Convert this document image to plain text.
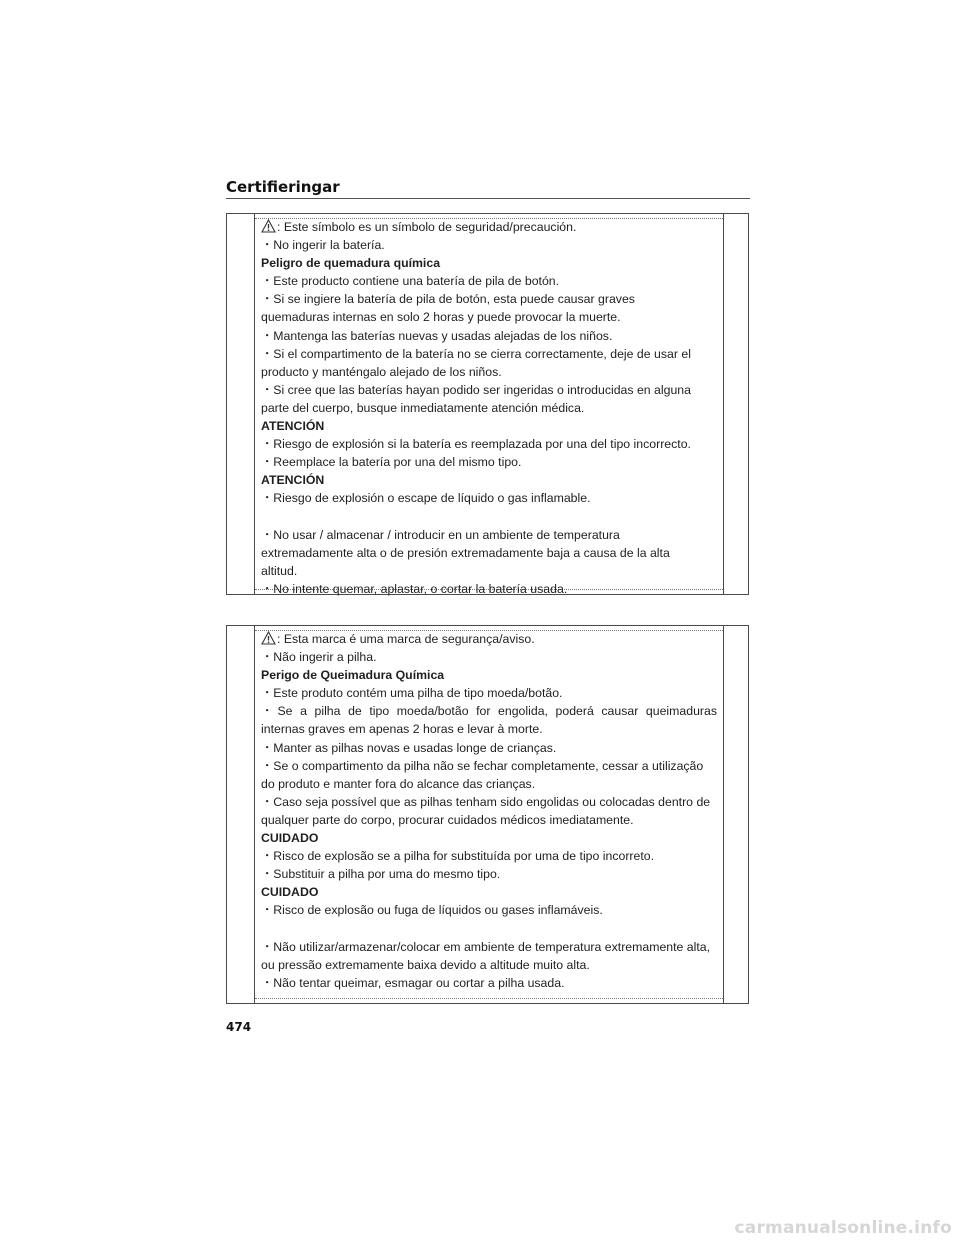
Certifieringar
: Este símbolo es un símbolo de seguridad/precaución.
・No ingerir la batería.
Peligro de quemadura química
・Este producto contiene una batería de pila de botón.
・Si se ingiere la batería de pila de botón, esta puede causar graves
quemaduras internas en solo 2 horas y puede provocar la muerte.
・Mantenga las baterías nuevas y usadas alejadas de los niños.
・Si el compartimento de la batería no se cierra correctamente, deje de usar el
producto y manténgalo alejado de los niños.
・Si cree que las baterías hayan podido ser ingeridas o introducidas en alguna
parte del cuerpo, busque inmediatamente atención médica.
ATENCIÓN
・Riesgo de explosión si la batería es reemplazada por una del tipo incorrecto.
・Reemplace la batería por una del mismo tipo.
ATENCIÓN
・Riesgo de explosión o escape de líquido o gas inflamable.
・No usar / almacenar / introducir en un ambiente de temperatura
extremadamente alta o de presión extremadamente baja a causa de la alta
altitud.
・No intente quemar, aplastar, o cortar la batería usada.
: Esta marca é uma marca de segurança/aviso.
・Não ingerir a pilha.
Perigo de Queimadura Química
・Este produto contém uma pilha de tipo moeda/botão.
・Se a pilha de tipo moeda/botão for engolida, poderá causar queimaduras
internas graves em apenas 2 horas e levar à morte.
・Manter as pilhas novas e usadas longe de crianças.
・Se o compartimento da pilha não se fechar completamente, cessar a utilização
do produto e manter fora do alcance das crianças.
・Caso seja possível que as pilhas tenham sido engolidas ou colocadas dentro de
qualquer parte do corpo, procurar cuidados médicos imediatamente.
CUIDADO
・Risco de explosão se a pilha for substituída por uma de tipo incorreto.
・Substituir a pilha por uma do mesmo tipo.
CUIDADO
・Risco de explosão ou fuga de líquidos ou gases inflamáveis.
・Não utilizar/armazenar/colocar em ambiente de temperatura extremamente alta,
ou pressão extremamente baixa devido a altitude muito alta.
・Não tentar queimar, esmagar ou cortar a pilha usada.
474
carmanualsonline.info
